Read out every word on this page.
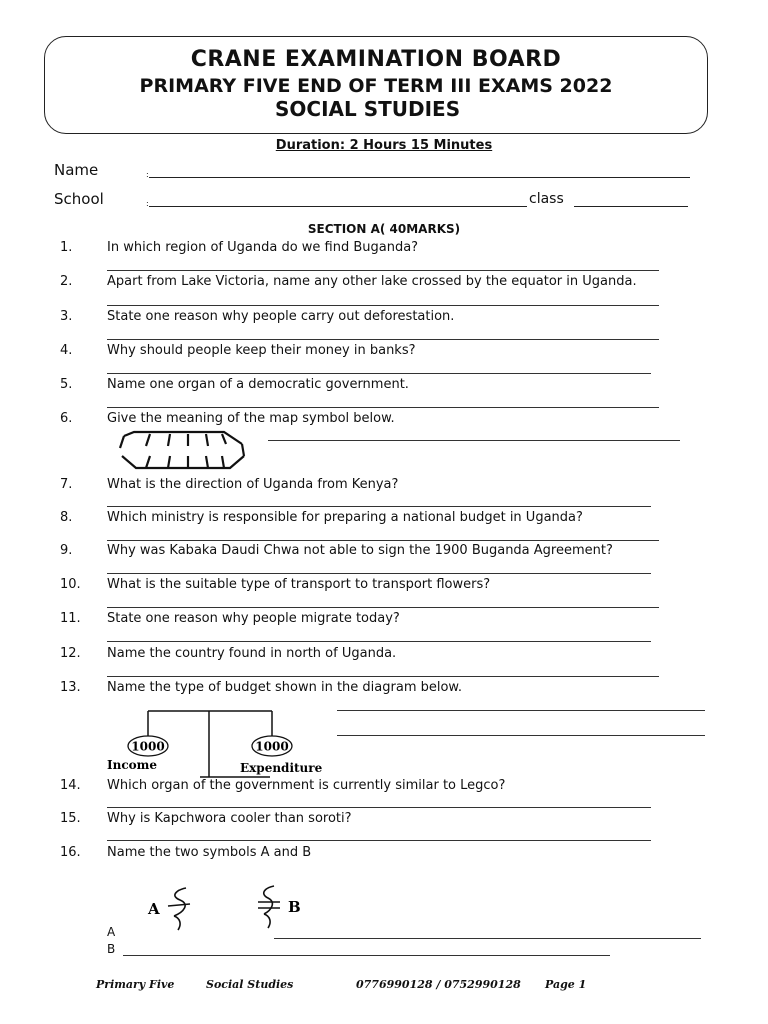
CRANE EXAMINATION BOARD
PRIMARY FIVE END OF TERM III EXAMS 2022
SOCIAL STUDIES
Duration: 2 Hours 15 Minutes
Name	:
School	:	class
SECTION A( 40MARKS)
1.	In which region of Uganda do we find Buganda?
2.	Apart from Lake Victoria, name any other lake crossed by the equator in Uganda.
3.	State one reason why people carry out deforestation.
4.	Why should people keep their money in banks?
5.	Name one organ of a democratic government.
6.	Give the meaning of the map symbol below.
7.	What is the direction of Uganda from Kenya?
8.	Which ministry is responsible for preparing a national budget in Uganda?
9.	Why was Kabaka Daudi Chwa not able to sign the 1900 Buganda Agreement?
10. What is the suitable type of transport to transport flowers?
11. State one reason why people migrate today?
12. Name the country found in north of Uganda.
13. Name the type of budget shown in the diagram below.
14. Which organ of the government is currently similar to Legco?
15. Why is Kapchwora cooler than soroti?
16. Name the two symbols A and B
1000	1000
Income	Expenditure
A	B
A
B
Primary Five	Social Studies	0776990128 / 0752990128 Page 1
